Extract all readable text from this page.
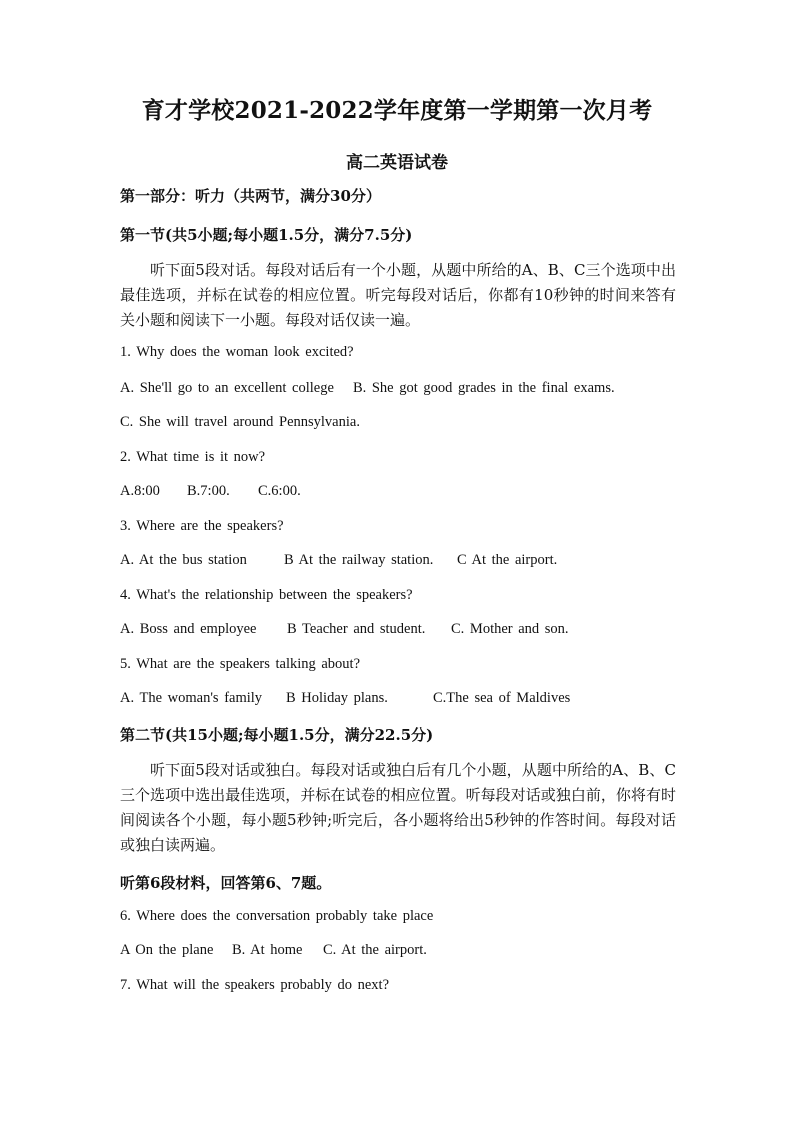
育才学校2021-2022学年度第一学期第一次月考
高二英语试卷
第一部分：听力（共两节，满分30分）
第一节(共5小题;每小题1.5分，满分7.5分)
听下面5段对话。每段对话后有一个小题，从题中所给的A、B、C三个选项中出最佳选项，并标在试卷的相应位置。听完每段对话后，你都有10秒钟的时间来答有关小题和阅读下一小题。每段对话仅读一遍。
1. Why does the woman look excited?
A. She'll go to an excellent college B. She got good grades in the final exams.
C. She will travel around Pennsylvania.
2. What time is it now?
A.8:00 B.7:00. C.6:00.
3. Where are the speakers?
A. At the bus station	B At the railway station. C At the airport.
4. What's the relationship between the speakers?
A. Boss and employee B Teacher and student. C. Mother and son.
5. What are the speakers talking about?
A. The woman's family B Holiday plans.	C.The sea of Maldives
第二节(共15小题;每小题1.5分，满分22.5分)
听下面5段对话或独白。每段对话或独白后有几个小题，从题中所给的A、B、C三个选项中选出最佳选项，并标在试卷的相应位置。听每段对话或独白前，你将有时间阅读各个小题，每小题5秒钟;听完后，各小题将给出5秒钟的作答时间。每段对话或独白读两遍。
听第6段材料，回答第6、7题。
6. Where does the conversation probably take place
A On the plane B. At home C. At the airport.
7. What will the speakers probably do next?
